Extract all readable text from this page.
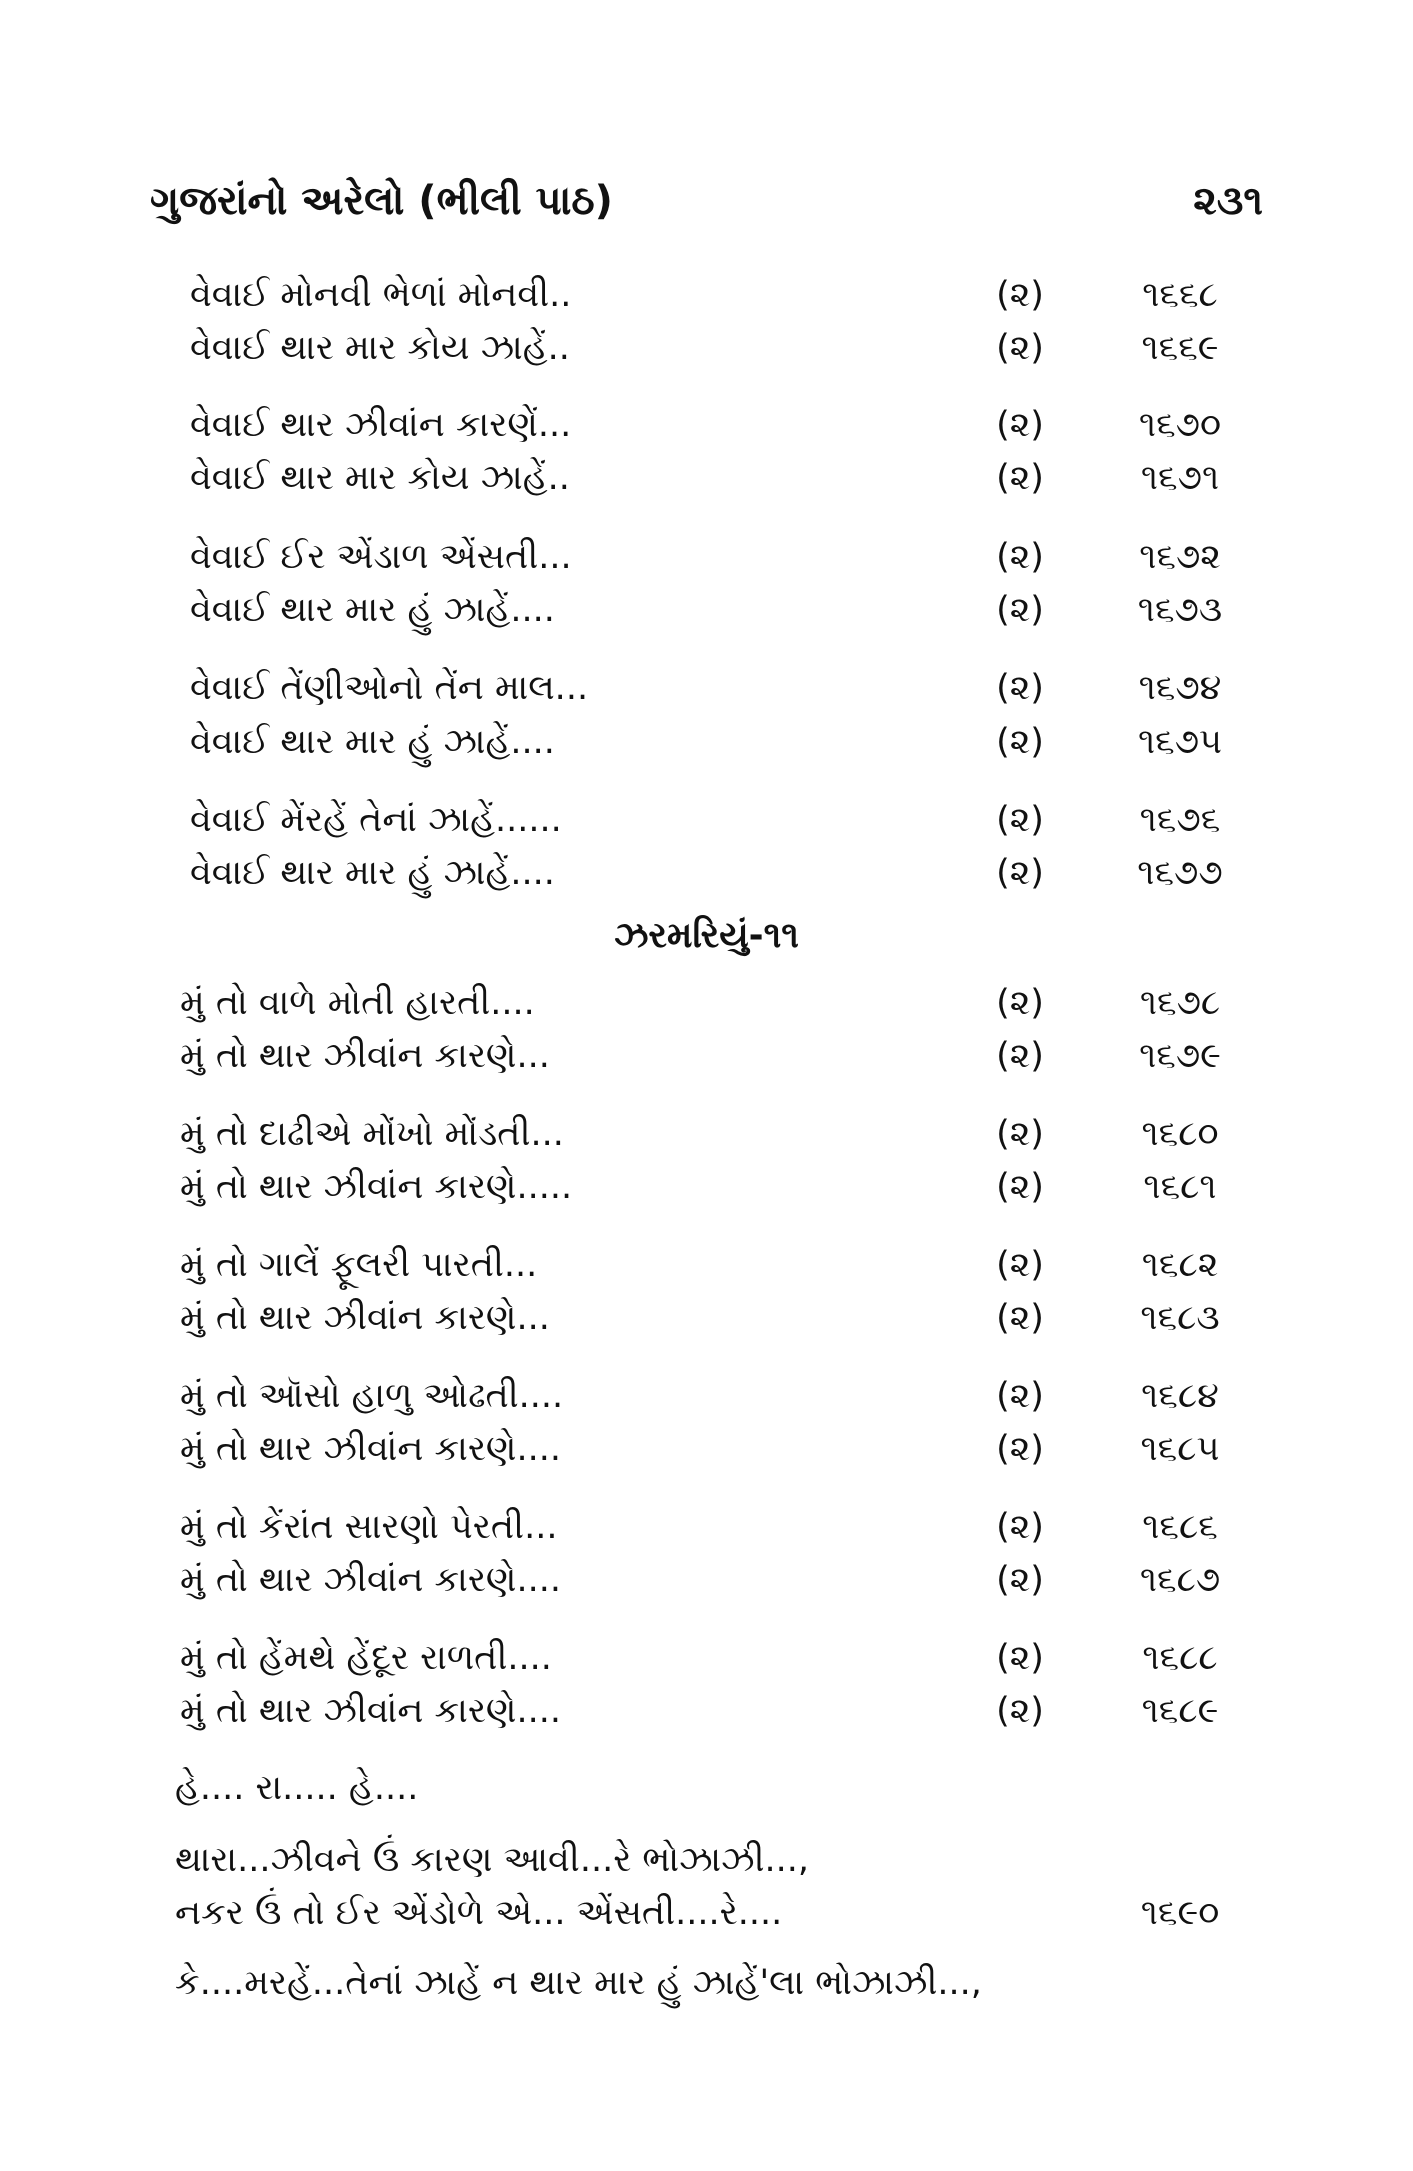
ગુજરાંનો અરેલો (ભીલી પાઠ)	૨૩૧
વેવાઈ મોનવી ભેળાં મોનવી..	(૨)	૧૬૬૮
વેવાઈ થાર માર કોય ઝાહેં..	(૨)	૧૬૬૯
વેવાઈ થાર ઝીવાંન કારણેં...	(૨)	૧૬૭૦
વેવાઈ થાર માર કોય ઝાહેં..	(૨)	૧૬૭૧
વેવાઈ ઈર એંડાળ એંસતી...	(૨)	૧૬૭૨
વેવાઈ થાર માર હું ઝાહેં....	(૨)	૧૬૭૩
વેવાઈ તેંણીઓનો તેંન માલ...	(૨)	૧૬૭૪
વેવાઈ થાર માર હું ઝાહેં....	(૨)	૧૬૭૫
વેવાઈ મેંરહેં તેનાં ઝાહેં......	(૨)	૧૬૭૬
વેવાઈ થાર માર હું ઝાહેં....	(૨)	૧૬૭૭
ઝરમરિયું-૧૧
મું તો વાળે મોતી હારતી....	(૨)	૧૬૭૮
મું તો થાર ઝીવાંન કારણે...	(૨)	૧૬૭૯
મું તો દાઢીએ મોંખો મોંડતી...	(૨)	૧૬૮૦
મું તો થાર ઝીવાંન કારણે.....	(૨)	૧૬૮૧
મું તો ગાલેં ફૂલરી પારતી...	(૨)	૧૬૮૨
મું તો થાર ઝીવાંન કારણે...	(૨)	૧૬૮૩
મું તો ઑસો હાળુ ઓઢતી....	(૨)	૧૬૮૪
મું તો થાર ઝીવાંન કારણે....	(૨)	૧૬૮૫
મું તો કેંરાંત સારણો પેરતી...	(૨)	૧૬૮૬
મું તો થાર ઝીવાંન કારણે....	(૨)	૧૬૮૭
મું તો હેંમથે હેંદૂર રાળતી....	(૨)	૧૬૮૮
મું તો થાર ઝીવાંન કારણે....	(૨)	૧૬૮૯
હે.... રા..... હે....
થારા...ઝીવને ઉં કારણ આવી...રે ભોઝાઝી...,
નકર ઉં તો ઈર એંડોળે એ... એંસતી....રે....	૧૬૯૦
કે....મરહેં...તેનાં ઝાહેં ન થાર માર હું ઝાહેં'લા ભોઝાઝી...,
